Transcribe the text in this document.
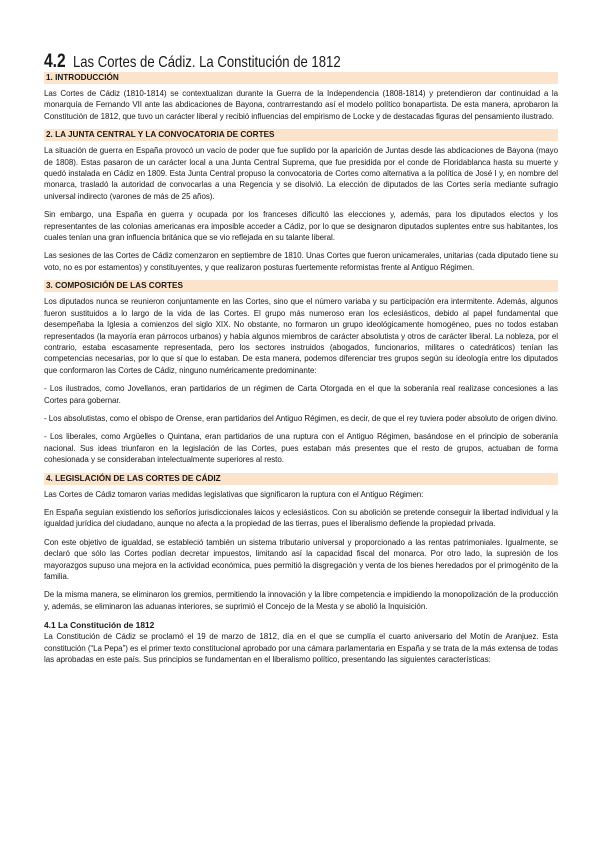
4.2 Las Cortes de Cádiz. La Constitución de 1812
1. INTRODUCCIÓN

Las Cortes de Cádiz (1810-1814) se contextualizan durante la Guerra de la Independencia (1808-1814) y pretendieron dar continuidad a la monarquía de Fernando VII ante las abdicaciones de Bayona, contrarrestando así el modelo político bonapartista. De esta manera, aprobaron la Constitución de 1812, que tuvo un carácter liberal y recibió influencias del empirismo de Locke y de destacadas figuras del pensamiento ilustrado.

2. LA JUNTA CENTRAL Y LA CONVOCATORIA DE CORTES

La situación de guerra en España provocó un vacío de poder que fue suplido por la aparición de Juntas desde las abdicaciones de Bayona (mayo de 1808). Estas pasaron de un carácter local a una Junta Central Suprema, que fue presidida por el conde de Floridablanca hasta su muerte y quedó instalada en Cádiz en 1809. Esta Junta Central propuso la convocatoria de Cortes como alternativa a la política de José I y, en nombre del monarca, trasladó la autoridad de convocarlas a una Regencia y se disolvió. La elección de diputados de las Cortes sería mediante sufragio universal indirecto (varones de más de 25 años).

Sin embargo, una España en guerra y ocupada por los franceses dificultó las elecciones y, además, para los diputados electos y los representantes de las colonias americanas era imposible acceder a Cádiz, por lo que se designaron diputados suplentes entre sus habitantes, los cuales tenían una gran influencia británica que se vio reflejada en su talante liberal.

Las sesiones de las Cortes de Cádiz comenzaron en septiembre de 1810. Unas Cortes que fueron unicamerales, unitarias (cada diputado tiene su voto, no es por estamentos) y constituyentes, y que realizaron posturas fuertemente reformistas frente al Antiguo Régimen.

3. COMPOSICIÓN DE LAS CORTES

Los diputados nunca se reunieron conjuntamente en las Cortes, sino que el número variaba y su participación era intermitente. Además, algunos fueron sustituidos a lo largo de la vida de las Cortes. El grupo más numeroso eran los eclesiásticos, debido al papel fundamental que desempeñaba la Iglesia a comienzos del siglo XIX. No obstante, no formaron un grupo ideológicamente homogéneo, pues no todos estaban representados (la mayoría eran párrocos urbanos) y había algunos miembros de carácter absolutista y otros de carácter liberal. La nobleza, por el contrario, estaba escasamente representada, pero los sectores instruidos (abogados, funcionarios, militares o catedráticos) tenían las competencias necesarias, por lo que sí que lo estaban. De esta manera, podemos diferenciar tres grupos según su ideología entre los diputados que conformaron las Cortes de Cádiz, ninguno numéricamente predominante:

- Los ilustrados, como Jovellanos, eran partidarios de un régimen de Carta Otorgada en el que la soberanía real realizase concesiones a las Cortes para gobernar.

- Los absolutistas, como el obispo de Orense, eran partidarios del Antiguo Régimen, es decir, de que el rey tuviera poder absoluto de origen divino.

- Los liberales, como Argüelles o Quintana, eran partidarios de una ruptura con el Antiguo Régimen, basándose en el principio de soberanía nacional. Sus ideas triunfaron en la legislación de las Cortes, pues estaban más presentes que el resto de grupos, actuaban de forma cohesionada y se consideraban intelectualmente superiores al resto.

4. LEGISLACIÓN DE LAS CORTES DE CÁDIZ

Las Cortes de Cádiz tomaron varias medidas legislativas que significaron la ruptura con el Antiguo Régimen:

En España seguían existiendo los señoríos jurisdiccionales laicos y eclesiásticos. Con su abolición se pretende conseguir la libertad individual y la igualdad jurídica del ciudadano, aunque no afecta a la propiedad de las tierras, pues el liberalismo defiende la propiedad privada.

Con este objetivo de igualdad, se estableció también un sistema tributario universal y proporcionado a las rentas patrimoniales. Igualmente, se declaró que sólo las Cortes podían decretar impuestos, limitando así la capacidad fiscal del monarca. Por otro lado, la supresión de los mayorazgos supuso una mejora en la actividad económica, pues permitió la disgregación y venta de los bienes heredados por el primogénito de la familia.

De la misma manera, se eliminaron los gremios, permitiendo la innovación y la libre competencia e impidiendo la monopolización de la producción y, además, se eliminaron las aduanas interiores, se suprimió el Concejo de la Mesta y se abolió la Inquisición.

4.1 La Constitución de 1812

La Constitución de Cádiz se proclamó el 19 de marzo de 1812, día en el que se cumplía el cuarto aniversario del Motín de Aranjuez. Esta constitución (“La Pepa”) es el primer texto constitucional aprobado por una cámara parlamentaria en España y se trata de la más extensa de todas las aprobadas en este país. Sus principios se fundamentan en el liberalismo político, presentando las siguientes características:
